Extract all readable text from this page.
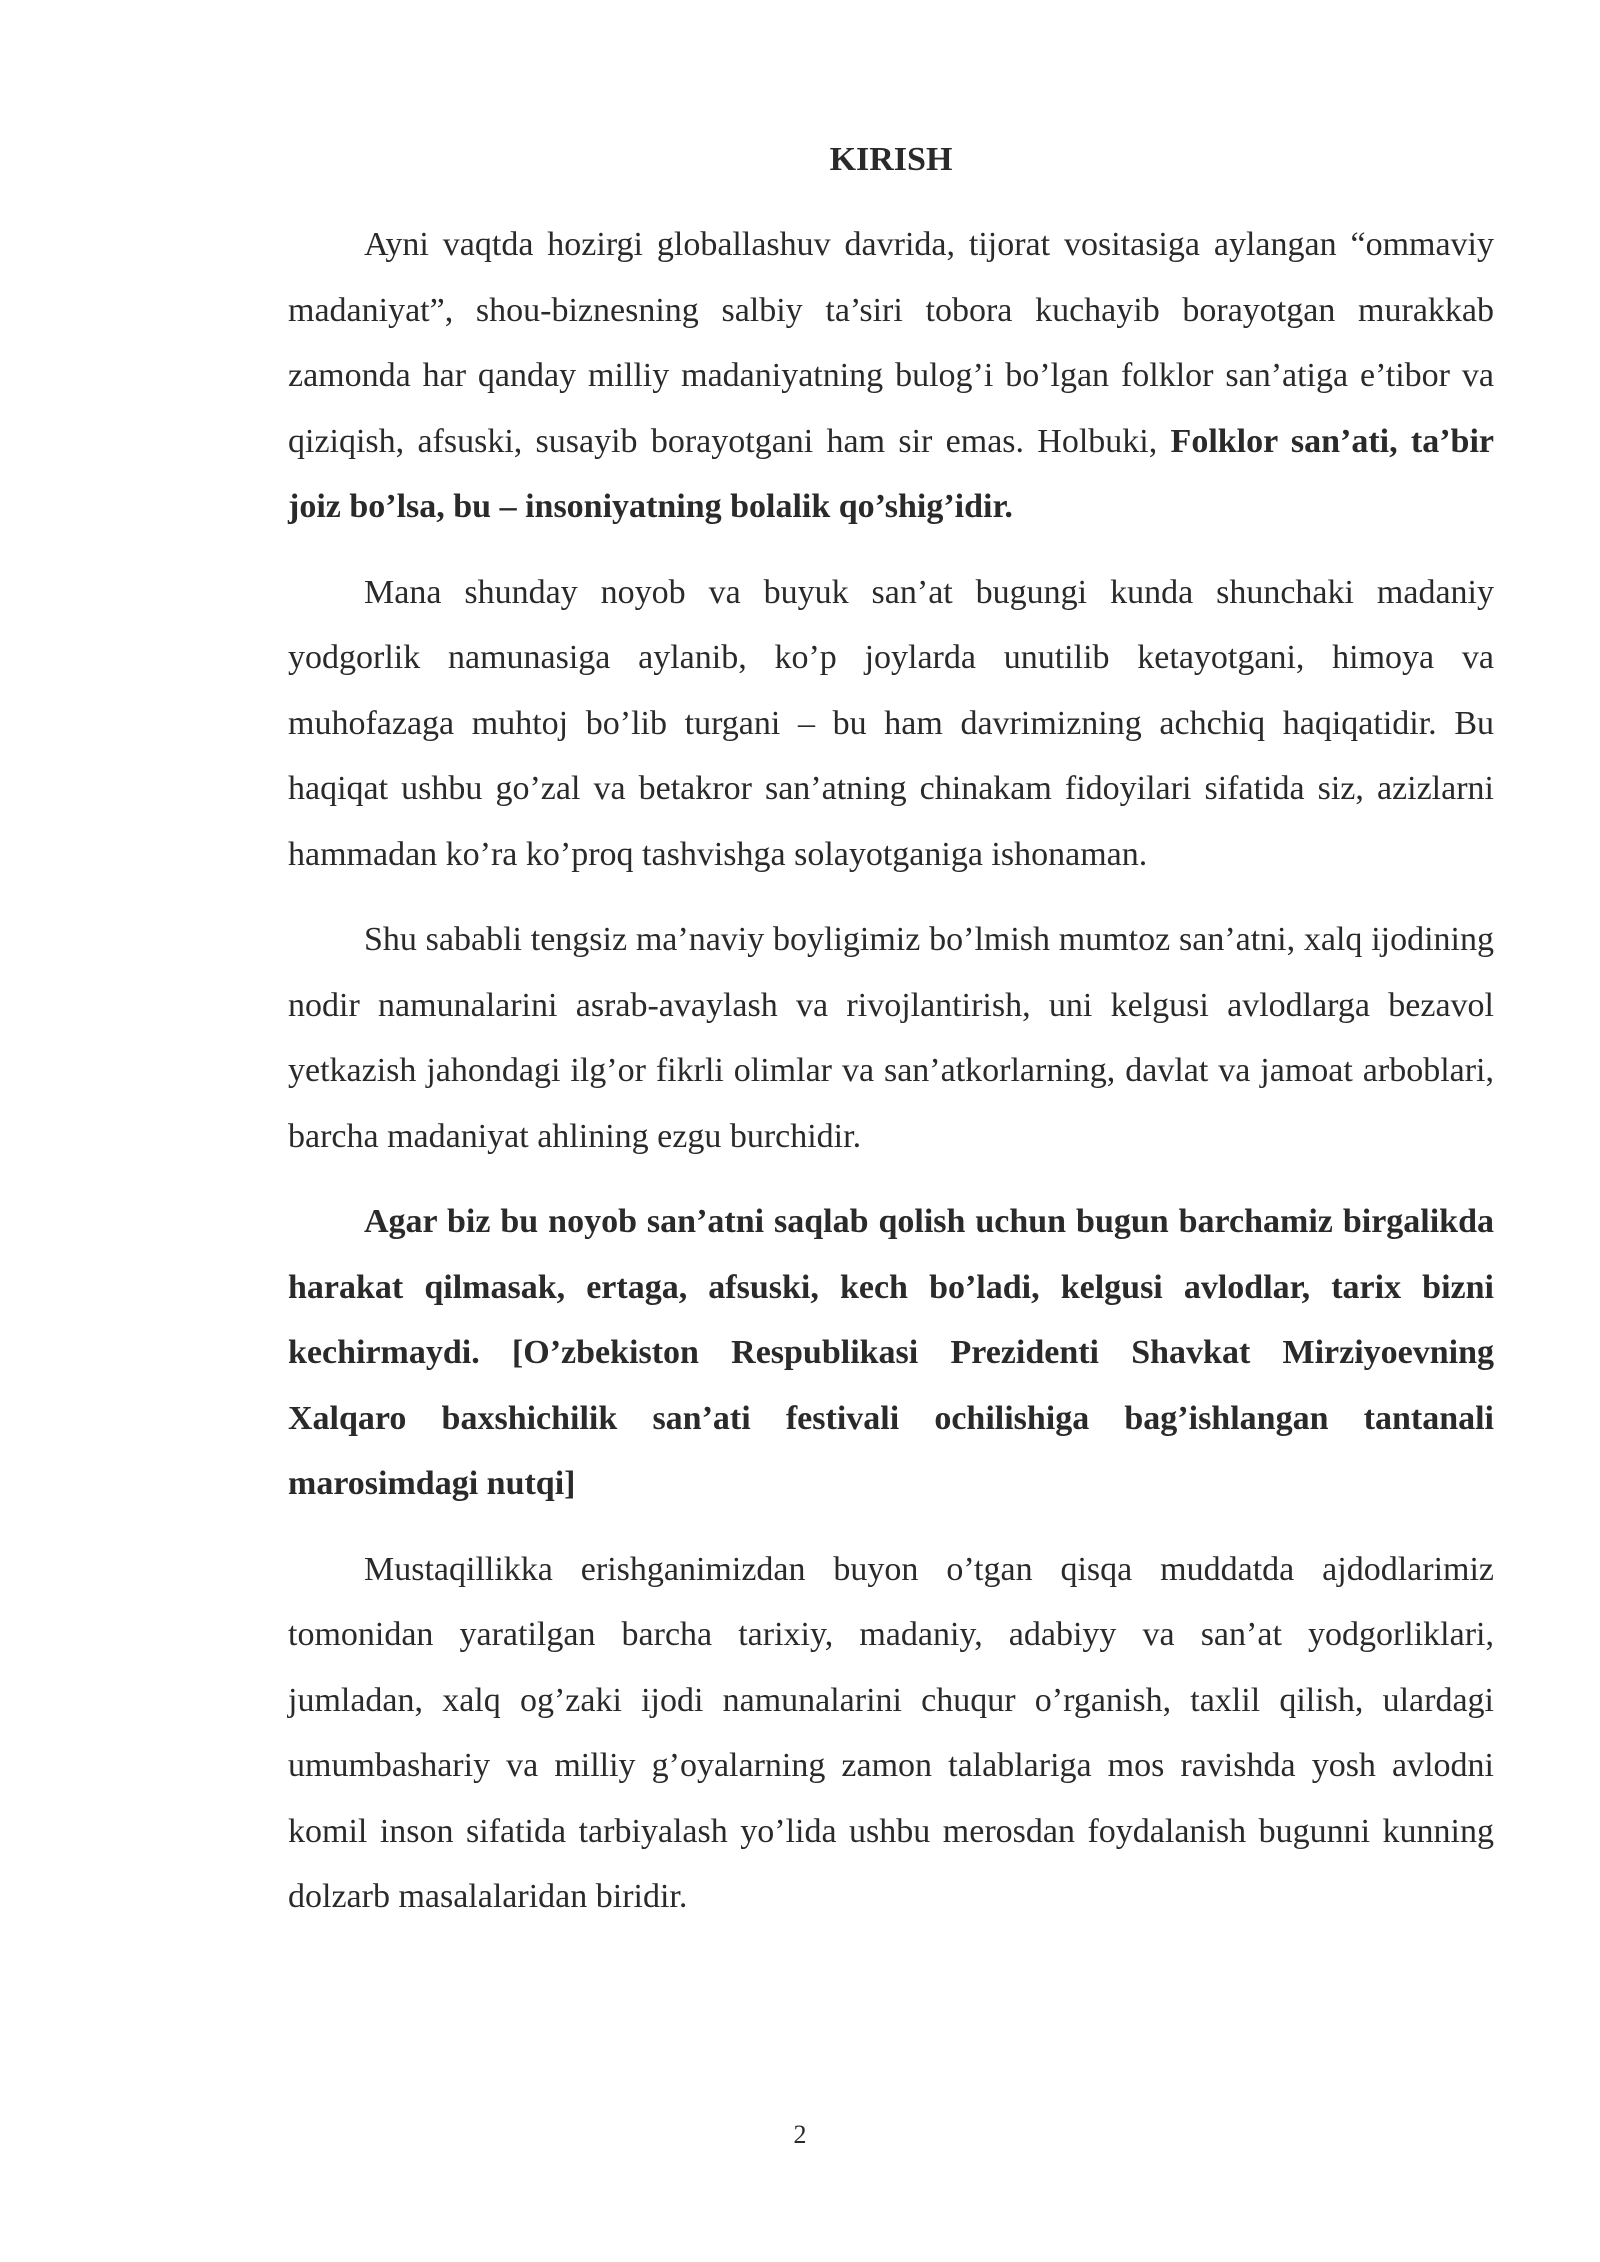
KIRISH

Ayni vaqtda hozirgi globallashuv davrida, tijorat vositasiga aylangan “ommaviy madaniyat”, shou-biznesning salbiy ta’siri tobora kuchayib borayotgan murakkab zamonda har qanday milliy madaniyatning bulog’i bo’lgan folklor san’atiga e’tibor va qiziqish, afsuski, susayib borayotgani ham sir emas. Holbuki, Folklor san’ati, ta’bir joiz bo’lsa, bu – insoniyatning bolalik qo’shig’idir.

Mana shunday noyob va buyuk san’at bugungi kunda shunchaki madaniy yodgorlik namunasiga aylanib, ko’p joylarda unutilib ketayotgani, himoya va muhofazaga muhtoj bo’lib turgani – bu ham davrimizning achchiq haqiqatidir. Bu haqiqat ushbu go’zal va betakror san’atning chinakam fidoyilari sifatida siz, azizlarni hammadan ko’ra ko’proq tashvishga solayotganiga ishonaman.

Shu sababli tengsiz ma’naviy boyligimiz bo’lmish mumtoz san’atni, xalq ijodining nodir namunalarini asrab-avaylash va rivojlantirish, uni kelgusi avlodlarga bezavol yetkazish jahondagi ilg’or fikrli olimlar va san’atkorlarning, davlat va jamoat arboblari, barcha madaniyat ahlining ezgu burchidir.

Agar biz bu noyob san’atni saqlab qolish uchun bugun barchamiz birgalikda harakat qilmasak, ertaga, afsuski, kech bo’ladi, kelgusi avlodlar, tarix bizni kechirmaydi. [O’zbekiston Respublikasi Prezidenti Shavkat Mirziyoevning Xalqaro baxshichilik san’ati festivali ochilishiga bag’ishlangan tantanali marosimdagi nutqi]

Mustaqillikka erishganimizdan buyon o’tgan qisqa muddatda ajdodlarimiz tomonidan yaratilgan barcha tarixiy, madaniy, adabiyy va san’at yodgorliklari, jumladan, xalq og’zaki ijodi namunalarini chuqur o’rganish, taxlil qilish, ulardagi umumbashariy va milliy g’oyalarning zamon talablariga mos ravishda yosh avlodni komil inson sifatida tarbiyalash yo’lida ushbu merosdan foydalanish bugunni kunning dolzarb masalalaridan biridir.

2
